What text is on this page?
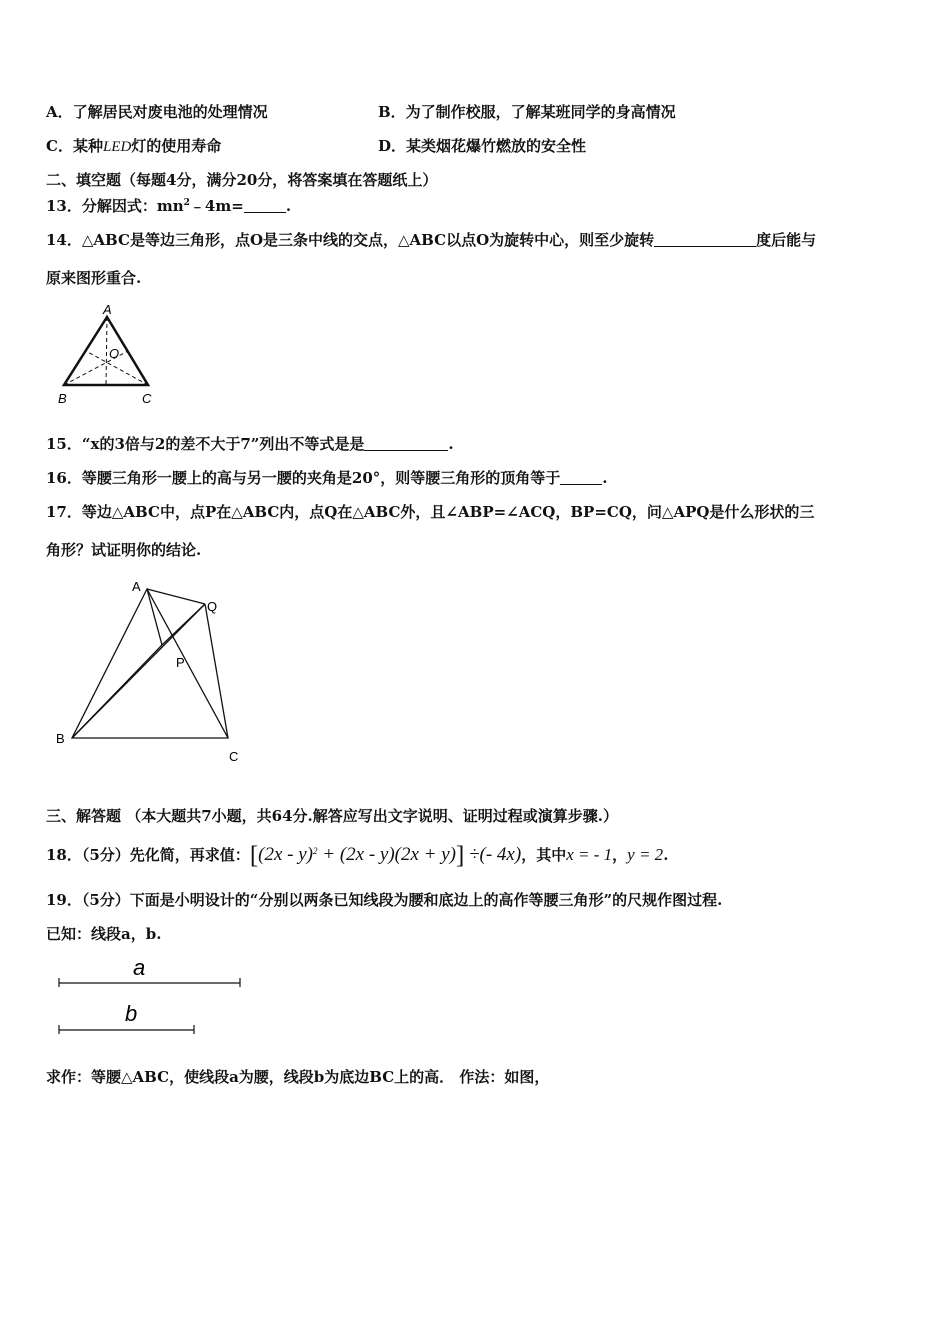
A．了解居民对废电池的处理情况	B．为了制作校服，了解某班同学的身高情况
C．某种LED灯的使用寿命	D．某类烟花爆竹燃放的安全性
二、填空题（每题4分，满分20分，将答案填在答题纸上）
13．分解因式：$mn^2﹣4m=$	.
14．△ABC是等边三角形，点O是三条中线的交点，△ABC以点O为旋转中心，则至少旋转	度后能与
原来图形重合.
A
B	C
O
15．“x的3倍与2的差不大于7”列出不等式是是	.
16．等腰三角形一腰上的高与另一腰的夹角是20°，则等腰三角形的顶角等于	.
17．等边△ABC中，点P在△ABC内，点Q在△ABC外，且∠ABP=∠ACQ，BP=CQ，问△APQ是什么形状的三
角形？试证明你的结论.
A
B
C
P
Q
三、解答题 （本大题共7小题，共64分.解答应写出文字说明、证明过程或演算步骤.）
18．（5分）先化简，再求值：[(2x - y)$^2$ + (2x - y)(2x + y)] ÷(- 4x)，其中x = - 1，y = 2.
19．（5分）下面是小明设计的“分别以两条已知线段为腰和底边上的高作等腰三角形”的尺规作图过程.
已知：线段a，b.
a
b
求作：等腰△ABC，使线段a为腰，线段b为底边BC上的高． 作法：如图，
